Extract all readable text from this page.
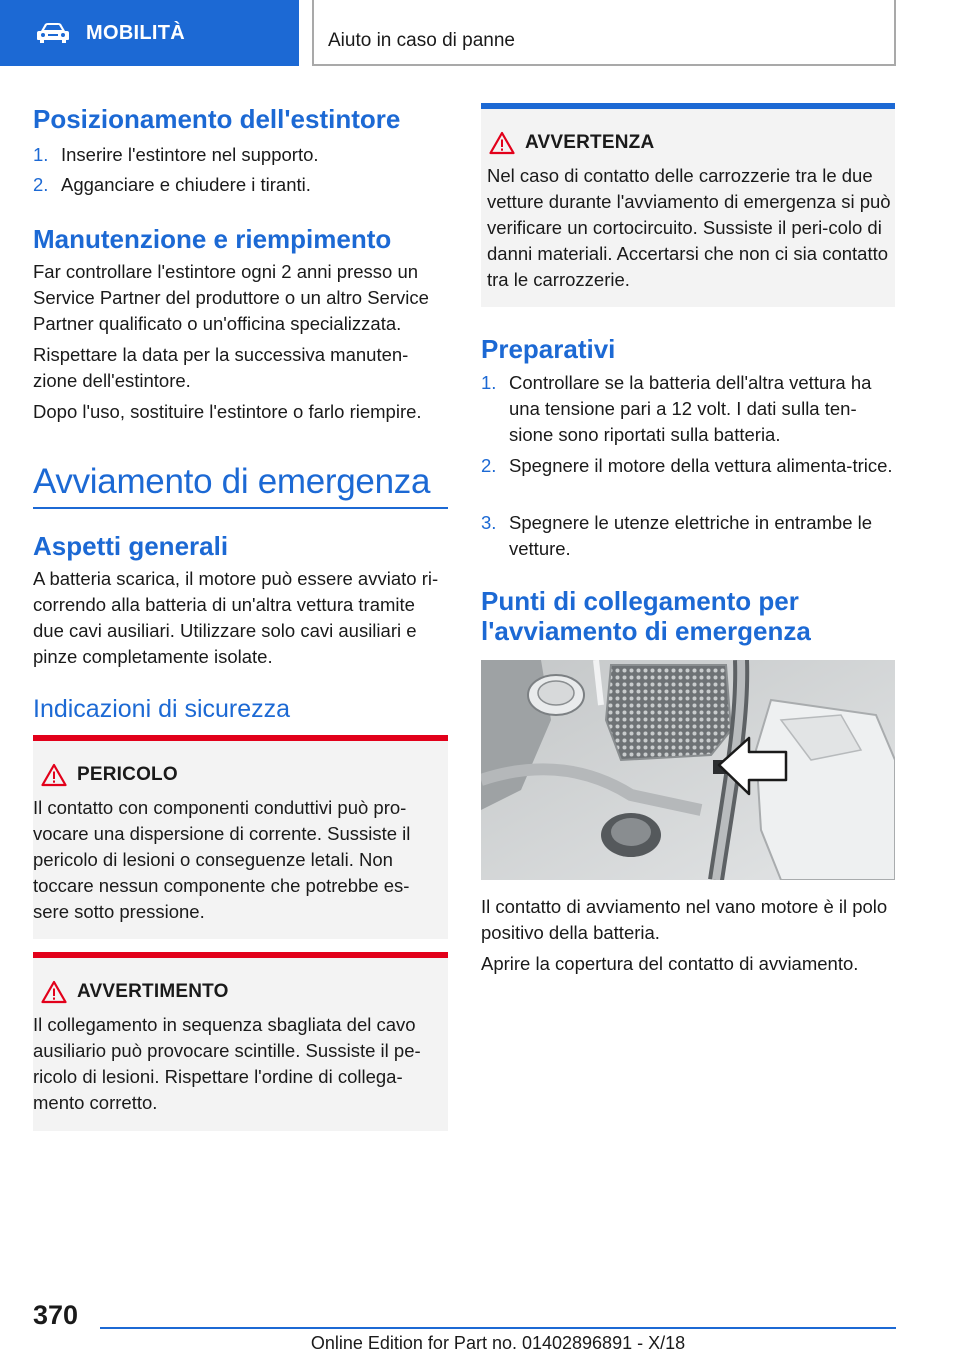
MOBILITÀ	Aiuto in caso di panne
Posizionamento dell'estintore
1. Inserire l'estintore nel supporto.
2. Agganciare e chiudere i tiranti.
Manutenzione e riempimento
Far controllare l'estintore ogni 2 anni presso un Service Partner del produttore o un altro Service Partner qualificato o un'officina specializzata.
Rispettare la data per la successiva manuten-zione dell'estintore.
Dopo l'uso, sostituire l'estintore o farlo riempire.
Avviamento di emergenza
Aspetti generali
A batteria scarica, il motore può essere avviato ri-correndo alla batteria di un'altra vettura tramite due cavi ausiliari. Utilizzare solo cavi ausiliari e pinze completamente isolate.
Indicazioni di sicurezza
PERICOLO
Il contatto con componenti conduttivi può pro-vocare una dispersione di corrente. Sussiste il pericolo di lesioni o conseguenze letali. Non toccare nessun componente che potrebbe es-sere sotto pressione.
AVVERTIMENTO
Il collegamento in sequenza sbagliata del cavo ausiliario può provocare scintille. Sussiste il pe-ricolo di lesioni. Rispettare l'ordine di collega-mento corretto.
AVVERTENZA
Nel caso di contatto delle carrozzerie tra le due vetture durante l'avviamento di emergenza si può verificare un cortocircuito. Sussiste il peri-colo di danni materiali. Accertarsi che non ci sia contatto tra le carrozzerie.
Preparativi
1. Controllare se la batteria dell'altra vettura ha una tensione pari a 12 volt. I dati sulla ten-sione sono riportati sulla batteria.
2. Spegnere il motore della vettura alimenta-trice.
3. Spegnere le utenze elettriche in entrambe le vetture.
Punti di collegamento per l'avviamento di emergenza
Il contatto di avviamento nel vano motore è il polo positivo della batteria.
Aprire la copertura del contatto di avviamento.
370
Online Edition for Part no. 01402896891 - X/18
